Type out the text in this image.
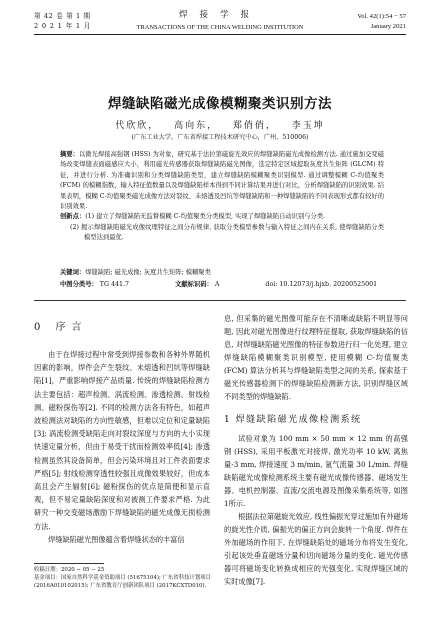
第 42 卷 第 1 期
2 0 2 1 年 1 月
焊接学报
TRANSACTIONS OF THE CHINA WELDING INSTITUTION
Vol. 42(1):54 − 57
January 2021
焊缝缺陷磁光成像模糊聚类识别方法
代欣欣， 高向东， 郑俏俏， 李玉坤
(广东工业大学，广东省焊接工程技术研究中心，广州，510006)

摘要：以微光焊接高强钢 (HSS) 为对象，研究基于法拉第磁旋光效应的焊缝缺陷磁光成像检测方法. 通过施加交变磁场改变焊缝表面磁感应大小，利用磁光传感器获取焊缝缺陷磁光图像，选定特定区域提取灰度共生矩阵 (GLCM) 特征，并进行分析. 为准确识别和分类焊缝缺陷类型，建立焊缝缺陷模糊聚类识别模型. 通过调整模糊 C-均值聚类 (FCM) 的模糊指数，输入特征值数量以及焊缝缺陷样本得到不同计算结果并进行对比，分析焊缝缺陷的识别效果. 结果表明，模糊 C-均值聚类磁光成像方法对裂纹、未熔透及凹坑等焊缝缺陷和一种焊缝缺陷的不同表现形式都有较好的识别效果.

创新点：(1) 建立了焊缝缺陷无监督模糊 C-均值聚类分类模型, 实现了焊缝缺陷自动识别与分类.

(2) 揭示焊缝缺陷磁光成像纹理特征之间分布规律, 获取分类模型参数与输入特征之间内在关系, 使焊缝缺陷分类模型达到最优.

关键词：焊缝缺陷; 磁光成像; 灰度共生矩阵; 模糊聚类
中图分类号： TG 441.7	文献标识码： A	doi: 10.12073/j.hjxb. 20200525001
0 序言

由于在焊接过程中常受到焊接参数和各种外界随机因素的影响，焊件会产生裂纹、未熔透和凹坑等焊缝缺陷[1]，严重影响焊接产品质量. 传统的焊缝缺陷检测方法主要包括：超声检测、涡流检测、渗透检测、射线检测、磁粉探伤等[2]. 不同的检测方法各有特色，如超声波检测法对缺陷的方向性敏感，但难以定位和定量缺陷[3]; 涡流检测受缺陷走向对裂纹深度与方向的大小实现快速定量分析，但由于易受干扰而检测效率低[4]; 渗透检测虽然其设备简单，但会污染环境且对工件表面要求严格[5]; 射线检测穿透性较强且成像效果较好，但成本高且会产生辐射[6]; 磁粉探伤的优点是简便和显示直观，但不易定量缺陷深度和对被测工件要求严格. 为此研究一种交变磁场激励下焊缝缺陷的磁光成像无损检测方法.

焊缝缺陷磁光图像蕴含着焊缝状态的丰富信

息, 但采集的磁光图像可能存在不清晰或缺陷不明显等问题, 因此对磁光图像进行纹理特征提取, 获取焊缝缺陷的信息, 对焊缝缺陷磁光图像的特征参数进行归一化处理, 建立焊缝缺陷模糊聚类识别模型, 使用模糊 C-均值聚类 (FCM) 算法分析其与焊缝缺陷类型之间的关系, 探索基于磁光传感器检测下的焊缝缺陷检测新方法, 识别焊缝区域不同类型的焊缝缺陷.
1 焊缝缺陷磁光成像检测系统

试验对象为 100 mm × 50 mm × 12 mm 的高强钢 (HSS), 采用平板激光对接焊, 激光功率 10 kW, 离焦量-3 mm, 焊接速度 3 m/min, 氩气流量 30 L/min. 焊缝缺陷磁光成像检测系统主要有磁光成像传感器、磁场发生器、电机控制器、直流/交流电源及图像采集系统等, 如图1所示.

根据法拉第磁旋光效应, 线性偏振光穿过施加有外磁场的旋光性介质, 偏振光的偏正方向会旋转一个角度. 焊件在外加磁场的作用下, 在焊缝缺陷处的磁场分布将发生变化, 引起该处垂直磁场分量和切向磁场分量的变化. 磁光传感器可将磁场变化转换成相应的光强变化, 实现焊缝区域的实时成像[7].

收稿日期：2020 − 05 − 25
基金项目：国家自然科学基金资助项目 (51675104); 广东省科技计划项目 (2016A010102015); 广东省教育厅创新团队项目 (2017KCXTD010).
